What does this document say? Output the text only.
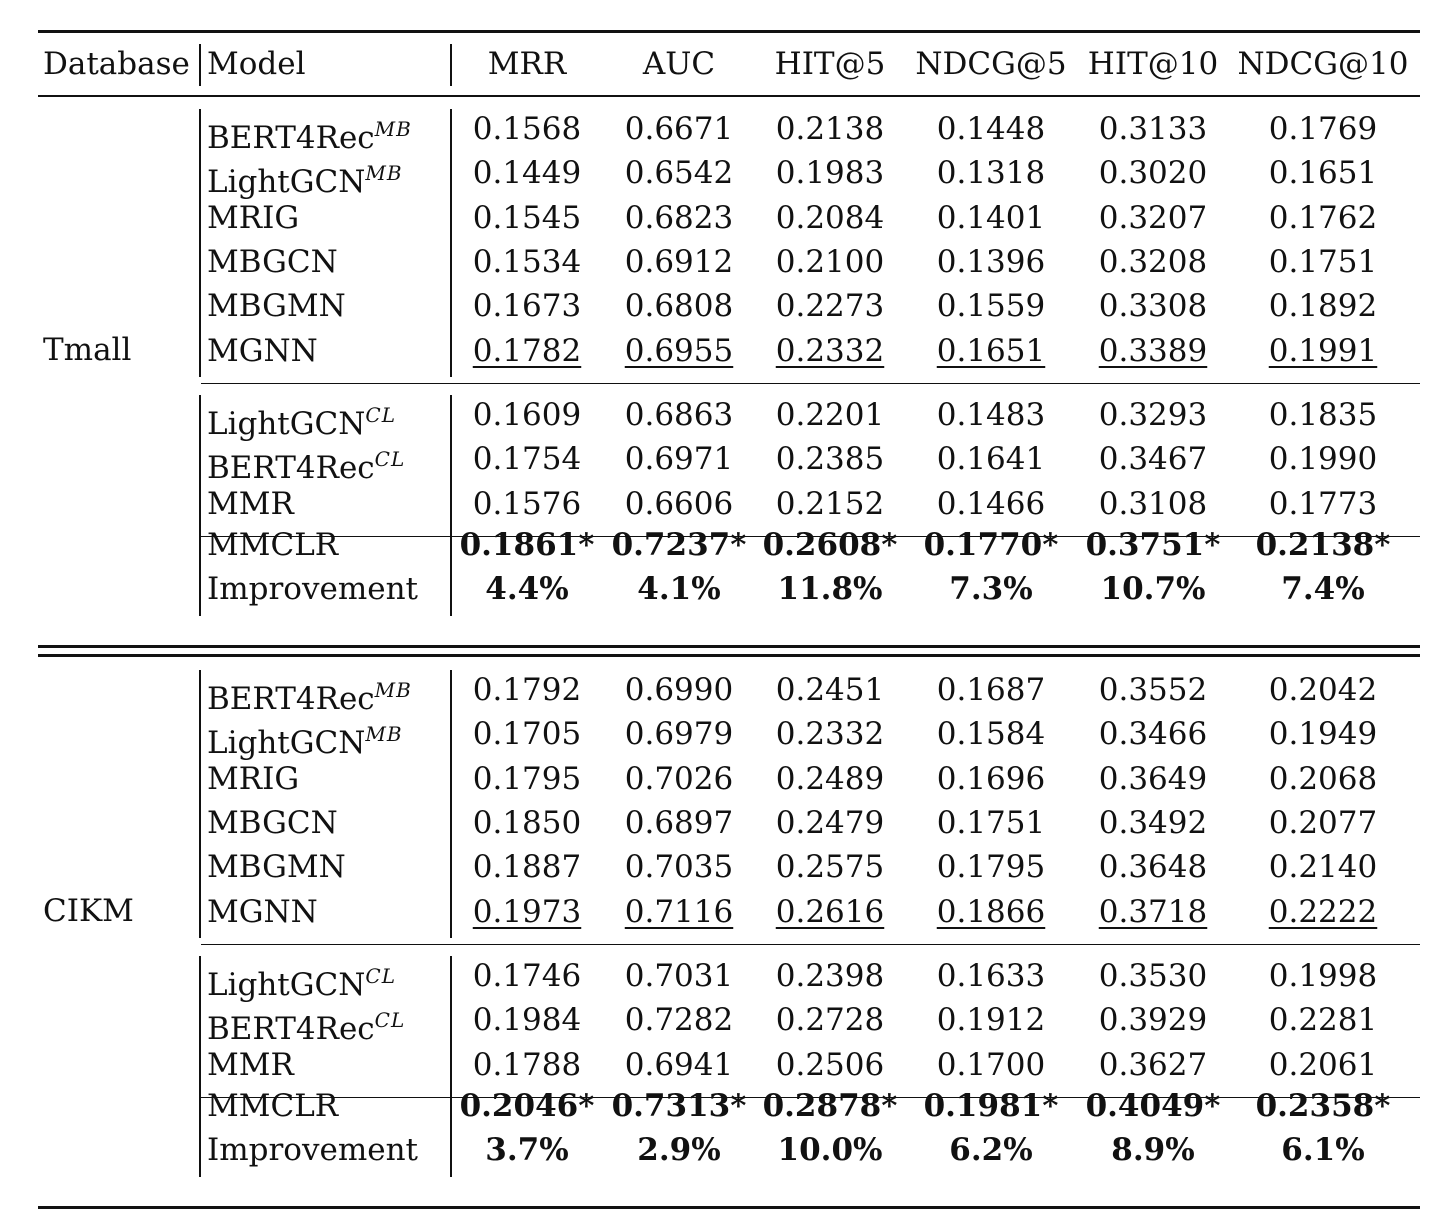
Database Model	MRR AUC HIT@5 NDCG@5 HIT@10 NDCG@10
Tmall
BERT4Rec$^{MB}$ 0.1568 0.6671 0.2138 0.1448 0.3133 0.1769
LightGCN$^{MB}$ 0.1449 0.6542 0.1983 0.1318 0.3020 0.1651
MRIG	0.1545 0.6823 0.2084 0.1401 0.3207 0.1762
MBGCN	0.1534 0.6912 0.2100 0.1396 0.3208 0.1751
MBGMN	0.1673 0.6808 0.2273 0.1559 0.3308 0.1892
MGNN	0.1782 0.6955 0.2332 0.1651 0.3389 0.1991
LightGCN$^{CL}$ 0.1609 0.6863 0.2201 0.1483 0.3293 0.1835
BERT4Rec$^{CL}$ 0.1754 0.6971 0.2385 0.1641 0.3467 0.1990
MMR	0.1576 0.6606 0.2152 0.1466 0.3108 0.1773
MMCLR	0.1861* 0.7237* 0.2608* 0.1770* 0.3751* 0.2138*
Improvement 4.4% 4.1% 11.8% 7.3% 10.7% 7.4%
CIKM
BERT4Rec$^{MB}$ 0.1792 0.6990 0.2451 0.1687 0.3552 0.2042
LightGCN$^{MB}$ 0.1705 0.6979 0.2332 0.1584 0.3466 0.1949
MRIG	0.1795 0.7026 0.2489 0.1696 0.3649 0.2068
MBGCN	0.1850 0.6897 0.2479 0.1751 0.3492 0.2077
MBGMN	0.1887 0.7035 0.2575 0.1795 0.3648 0.2140
MGNN	0.1973 0.7116 0.2616 0.1866 0.3718 0.2222
LightGCN$^{CL}$ 0.1746 0.7031 0.2398 0.1633 0.3530 0.1998
BERT4Rec$^{CL}$ 0.1984 0.7282 0.2728 0.1912 0.3929 0.2281
MMR	0.1788 0.6941 0.2506 0.1700 0.3627 0.2061
MMCLR	0.2046* 0.7313* 0.2878* 0.1981* 0.4049* 0.2358*
Improvement 3.7% 2.9% 10.0% 6.2%	8.9%	6.1%
